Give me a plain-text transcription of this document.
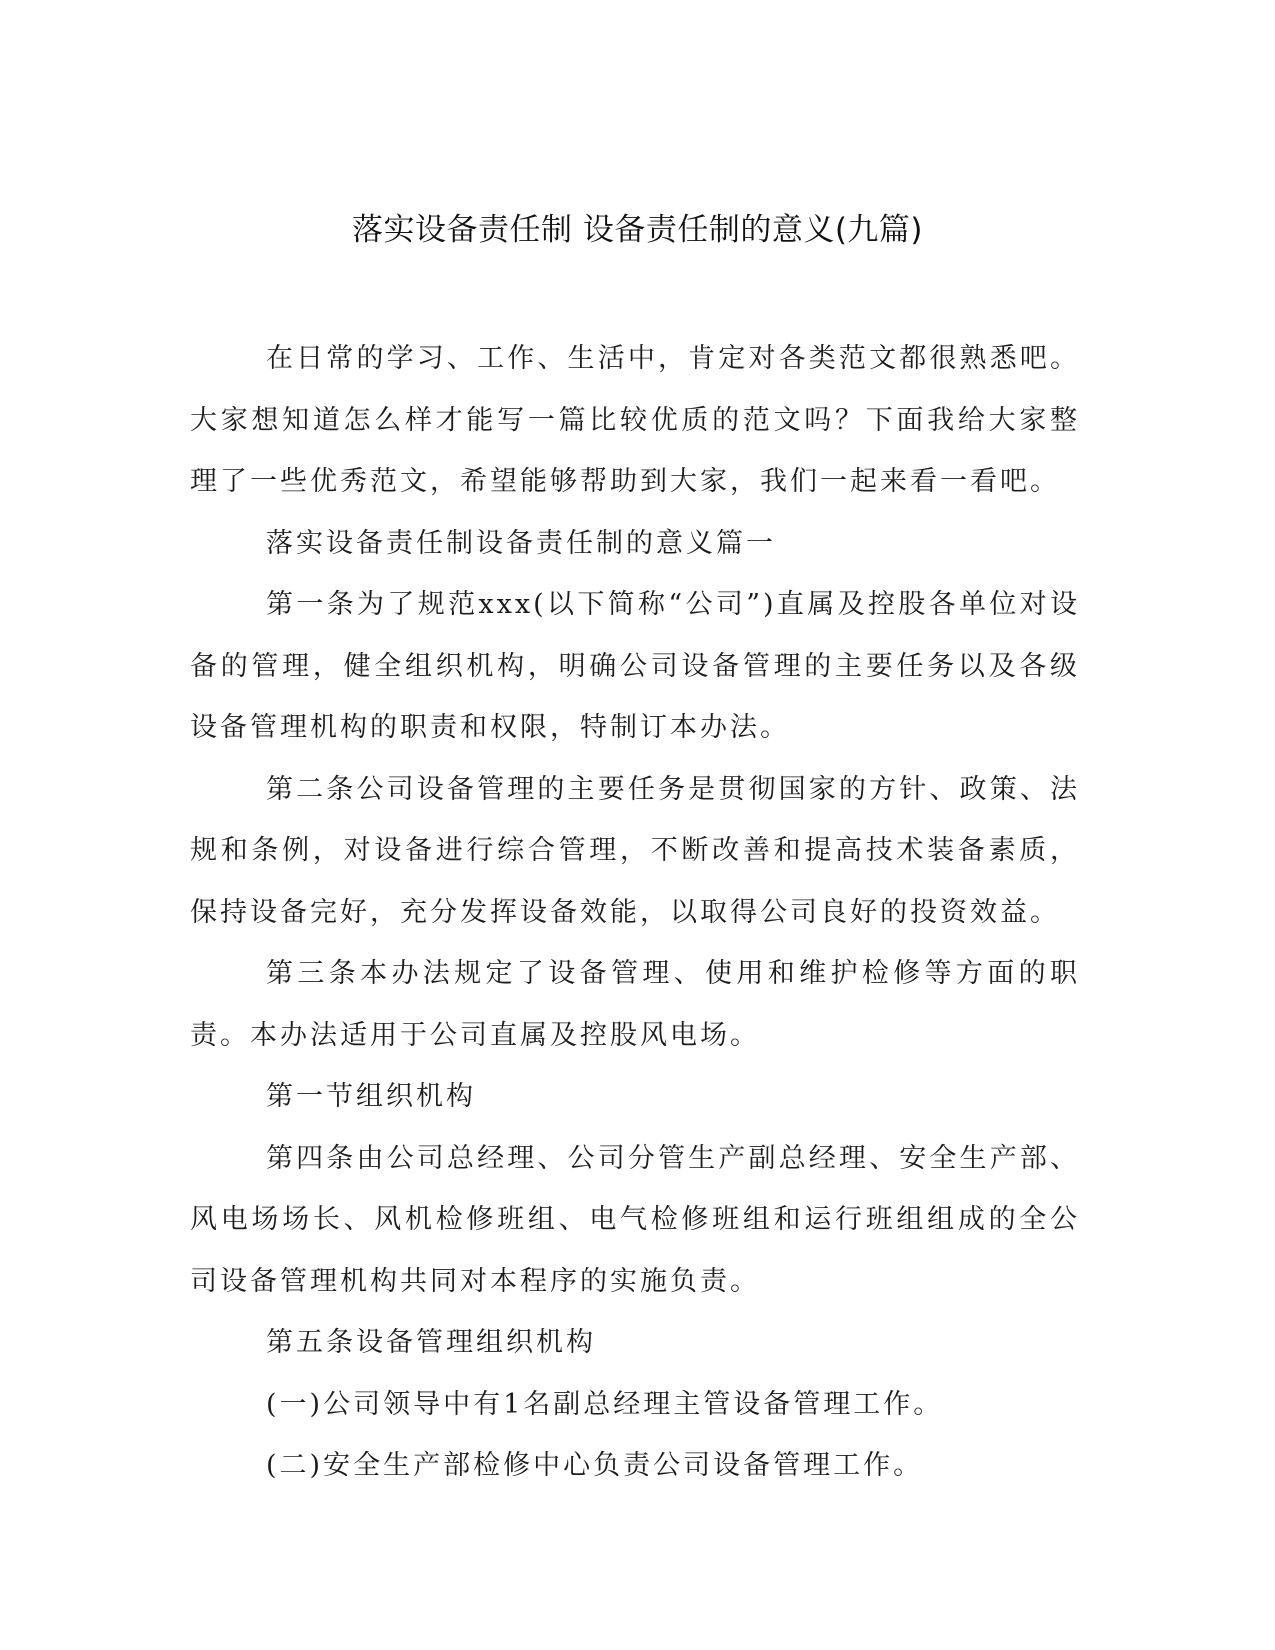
落实设备责任制 设备责任制的意义(九篇)

在日常的学习、工作、生活中，肯定对各类范文都很熟悉吧。大家想知道怎么样才能写一篇比较优质的范文吗？下面我给大家整理了一些优秀范文，希望能够帮助到大家，我们一起来看一看吧。

落实设备责任制设备责任制的意义篇一

第一条为了规范xxx(以下简称“公司”)直属及控股各单位对设备的管理，健全组织机构，明确公司设备管理的主要任务以及各级设备管理机构的职责和权限，特制订本办法。

第二条公司设备管理的主要任务是贯彻国家的方针、政策、法规和条例，对设备进行综合管理，不断改善和提高技术装备素质，保持设备完好，充分发挥设备效能，以取得公司良好的投资效益。

第三条本办法规定了设备管理、使用和维护检修等方面的职责。本办法适用于公司直属及控股风电场。

第一节组织机构

第四条由公司总经理、公司分管生产副总经理、安全生产部、风电场场长、风机检修班组、电气检修班组和运行班组组成的全公司设备管理机构共同对本程序的实施负责。

第五条设备管理组织机构

(一)公司领导中有1名副总经理主管设备管理工作。

(二)安全生产部检修中心负责公司设备管理工作。
